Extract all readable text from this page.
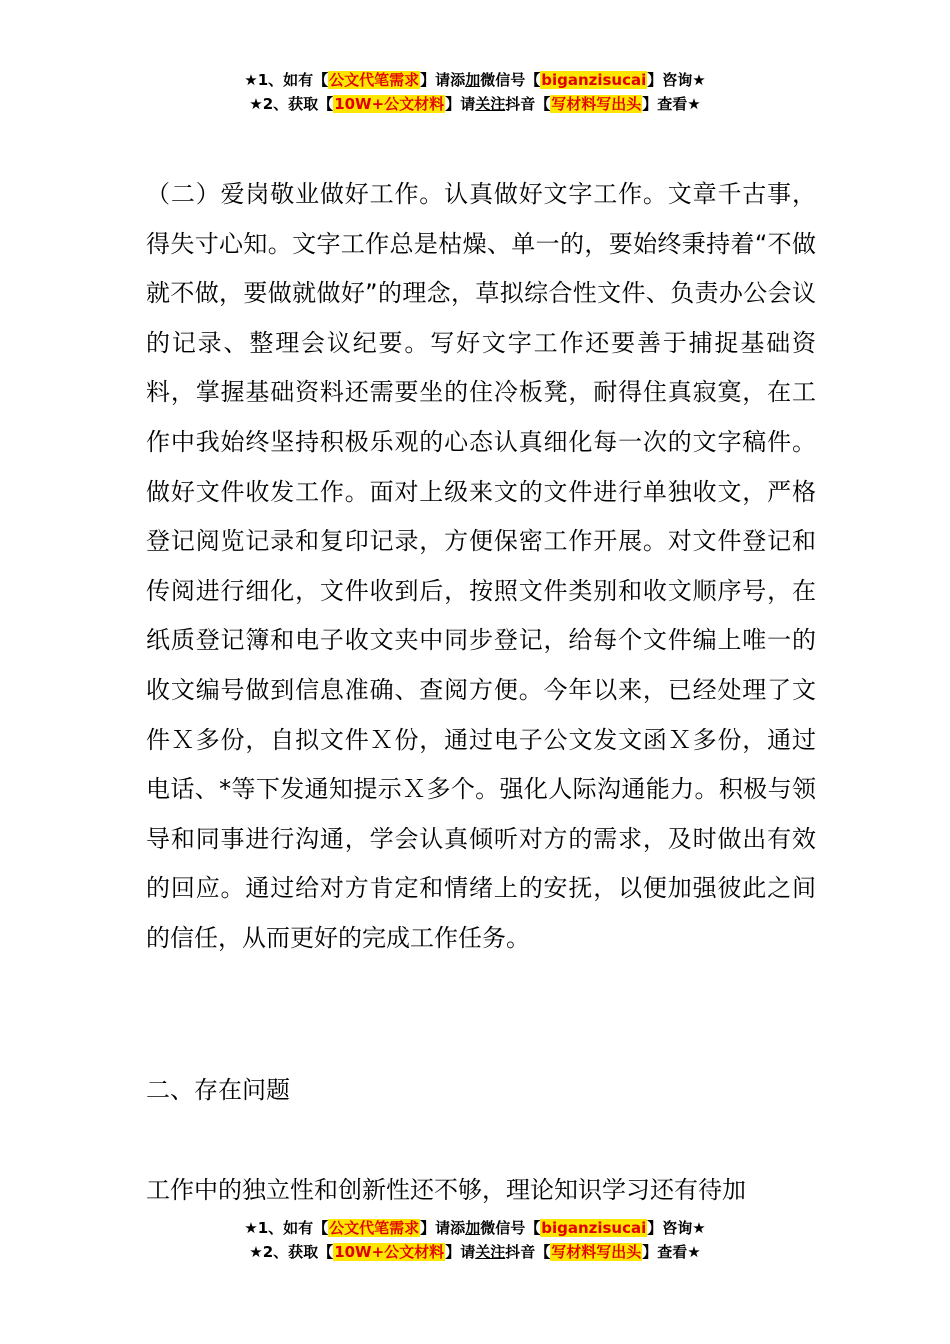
★1、如有【公文代笔需求】请添加微信号【biganzisucai】咨询★
★2、获取【10W+公文材料】请关注抖音【写材料写出头】查看★

（二）爱岗敬业做好工作。认真做好文字工作。文章千古事，得失寸心知。文字工作总是枯燥、单一的，要始终秉持着“不做就不做，要做就做好”的理念，草拟综合性文件、负责办公会议的记录、整理会议纪要。写好文字工作还要善于捕捉基础资料，掌握基础资料还需要坐的住冷板凳，耐得住真寂寞，在工作中我始终坚持积极乐观的心态认真细化每一次的文字稿件。做好文件收发工作。面对上级来文的文件进行单独收文，严格登记阅览记录和复印记录，方便保密工作开展。对文件登记和传阅进行细化，文件收到后，按照文件类别和收文顺序号，在纸质登记簿和电子收文夹中同步登记，给每个文件编上唯一的收文编号做到信息准确、查阅方便。今年以来，已经处理了文件Ｘ多份，自拟文件Ｘ份，通过电子公文发文函Ｘ多份，通过电话、*等下发通知提示Ｘ多个。强化人际沟通能力。积极与领导和同事进行沟通，学会认真倾听对方的需求，及时做出有效的回应。通过给对方肯定和情绪上的安抚，以便加强彼此之间的信任，从而更好的完成工作任务。

二、存在问题

工作中的独立性和创新性还不够，理论知识学习还有待加

★1、如有【公文代笔需求】请添加微信号【biganzisucai】咨询★
★2、获取【10W+公文材料】请关注抖音【写材料写出头】查看★
